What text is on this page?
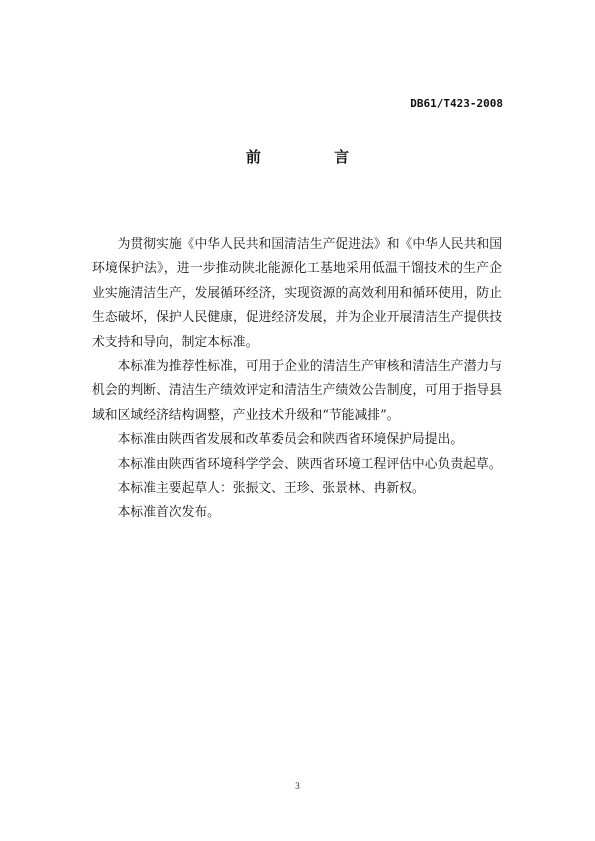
DB61/T423-2008
前 言

为贯彻实施《中华人民共和国清洁生产促进法》和《中华人民共和国环境保护法》，进一步推动陕北能源化工基地采用低温干馏技术的生产企业实施清洁生产，发展循环经济，实现资源的高效利用和循环使用，防止生态破坏，保护人民健康，促进经济发展，并为企业开展清洁生产提供技术支持和导向，制定本标准。

本标准为推荐性标准，可用于企业的清洁生产审核和清洁生产潜力与机会的判断、清洁生产绩效评定和清洁生产绩效公告制度，可用于指导县域和区域经济结构调整，产业技术升级和“节能减排”。

本标准由陕西省发展和改革委员会和陕西省环境保护局提出。

本标准由陕西省环境科学学会、陕西省环境工程评估中心负责起草。

本标准主要起草人：张振文、王珍、张景林、冉新权。

本标准首次发布。

3
